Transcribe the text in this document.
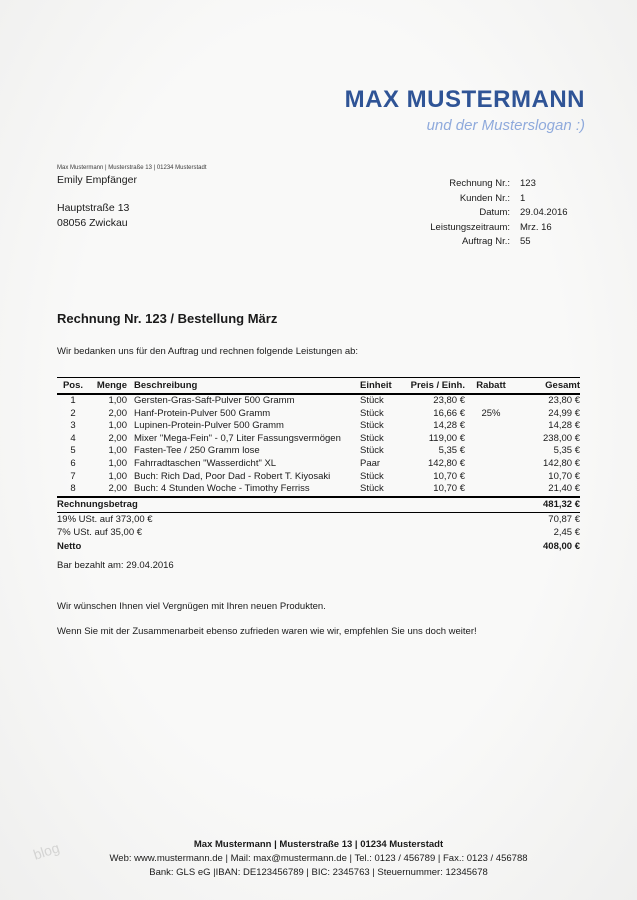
MAX MUSTERMANN
und der Musterslogan :)
Max Mustermann | Musterstraße 13 | 01234 Musterstadt
Emily Empfänger
Hauptstraße 13
08056 Zwickau
Rechnung Nr.: 123
Kunden Nr.: 1
Datum: 29.04.2016
Leistungszeitraum: Mrz. 16
Auftrag Nr.: 55
Rechnung Nr. 123 / Bestellung März
Wir bedanken uns für den Auftrag und rechnen folgende Leistungen ab:
Pos.	Menge	Beschreibung	Einheit	Preis / Einh.	Rabatt	Gesamt
1	1,00	Gersten-Gras-Saft-Pulver 500 Gramm	Stück	23,80 €		23,80 €
2	2,00	Hanf-Protein-Pulver 500 Gramm	Stück	16,66 €	25%	24,99 €
3	1,00	Lupinen-Protein-Pulver 500 Gramm	Stück	14,28 €		14,28 €
4	2,00	Mixer "Mega-Fein" - 0,7 Liter Fassungsvermögen	Stück	119,00 €		238,00 €
5	1,00	Fasten-Tee / 250 Gramm lose	Stück	5,35 €		5,35 €
6	1,00	Fahrradtaschen "Wasserdicht" XL	Paar	142,80 €		142,80 €
7	1,00	Buch: Rich Dad, Poor Dad - Robert T. Kiyosaki	Stück	10,70 €		10,70 €
8	2,00	Buch: 4 Stunden Woche - Timothy Ferriss	Stück	10,70 €		21,40 €
Rechnungsbetrag	481,32 €
19% USt. auf 373,00 €	70,87 €
7% USt. auf 35,00 €	2,45 €
Netto	408,00 €
Bar bezahlt am: 29.04.2016
Wir wünschen Ihnen viel Vergnügen mit Ihren neuen Produkten.
Wenn Sie mit der Zusammenarbeit ebenso zufrieden waren wie wir, empfehlen Sie uns doch weiter!
Max Mustermann | Musterstraße 13 | 01234 Musterstadt
Web: www.mustermann.de | Mail: max@mustermann.de | Tel.: 0123 / 456789 | Fax.: 0123 / 456788
Bank: GLS eG |IBAN: DE123456789 | BIC: 2345763 | Steuernummer: 12345678
blog
